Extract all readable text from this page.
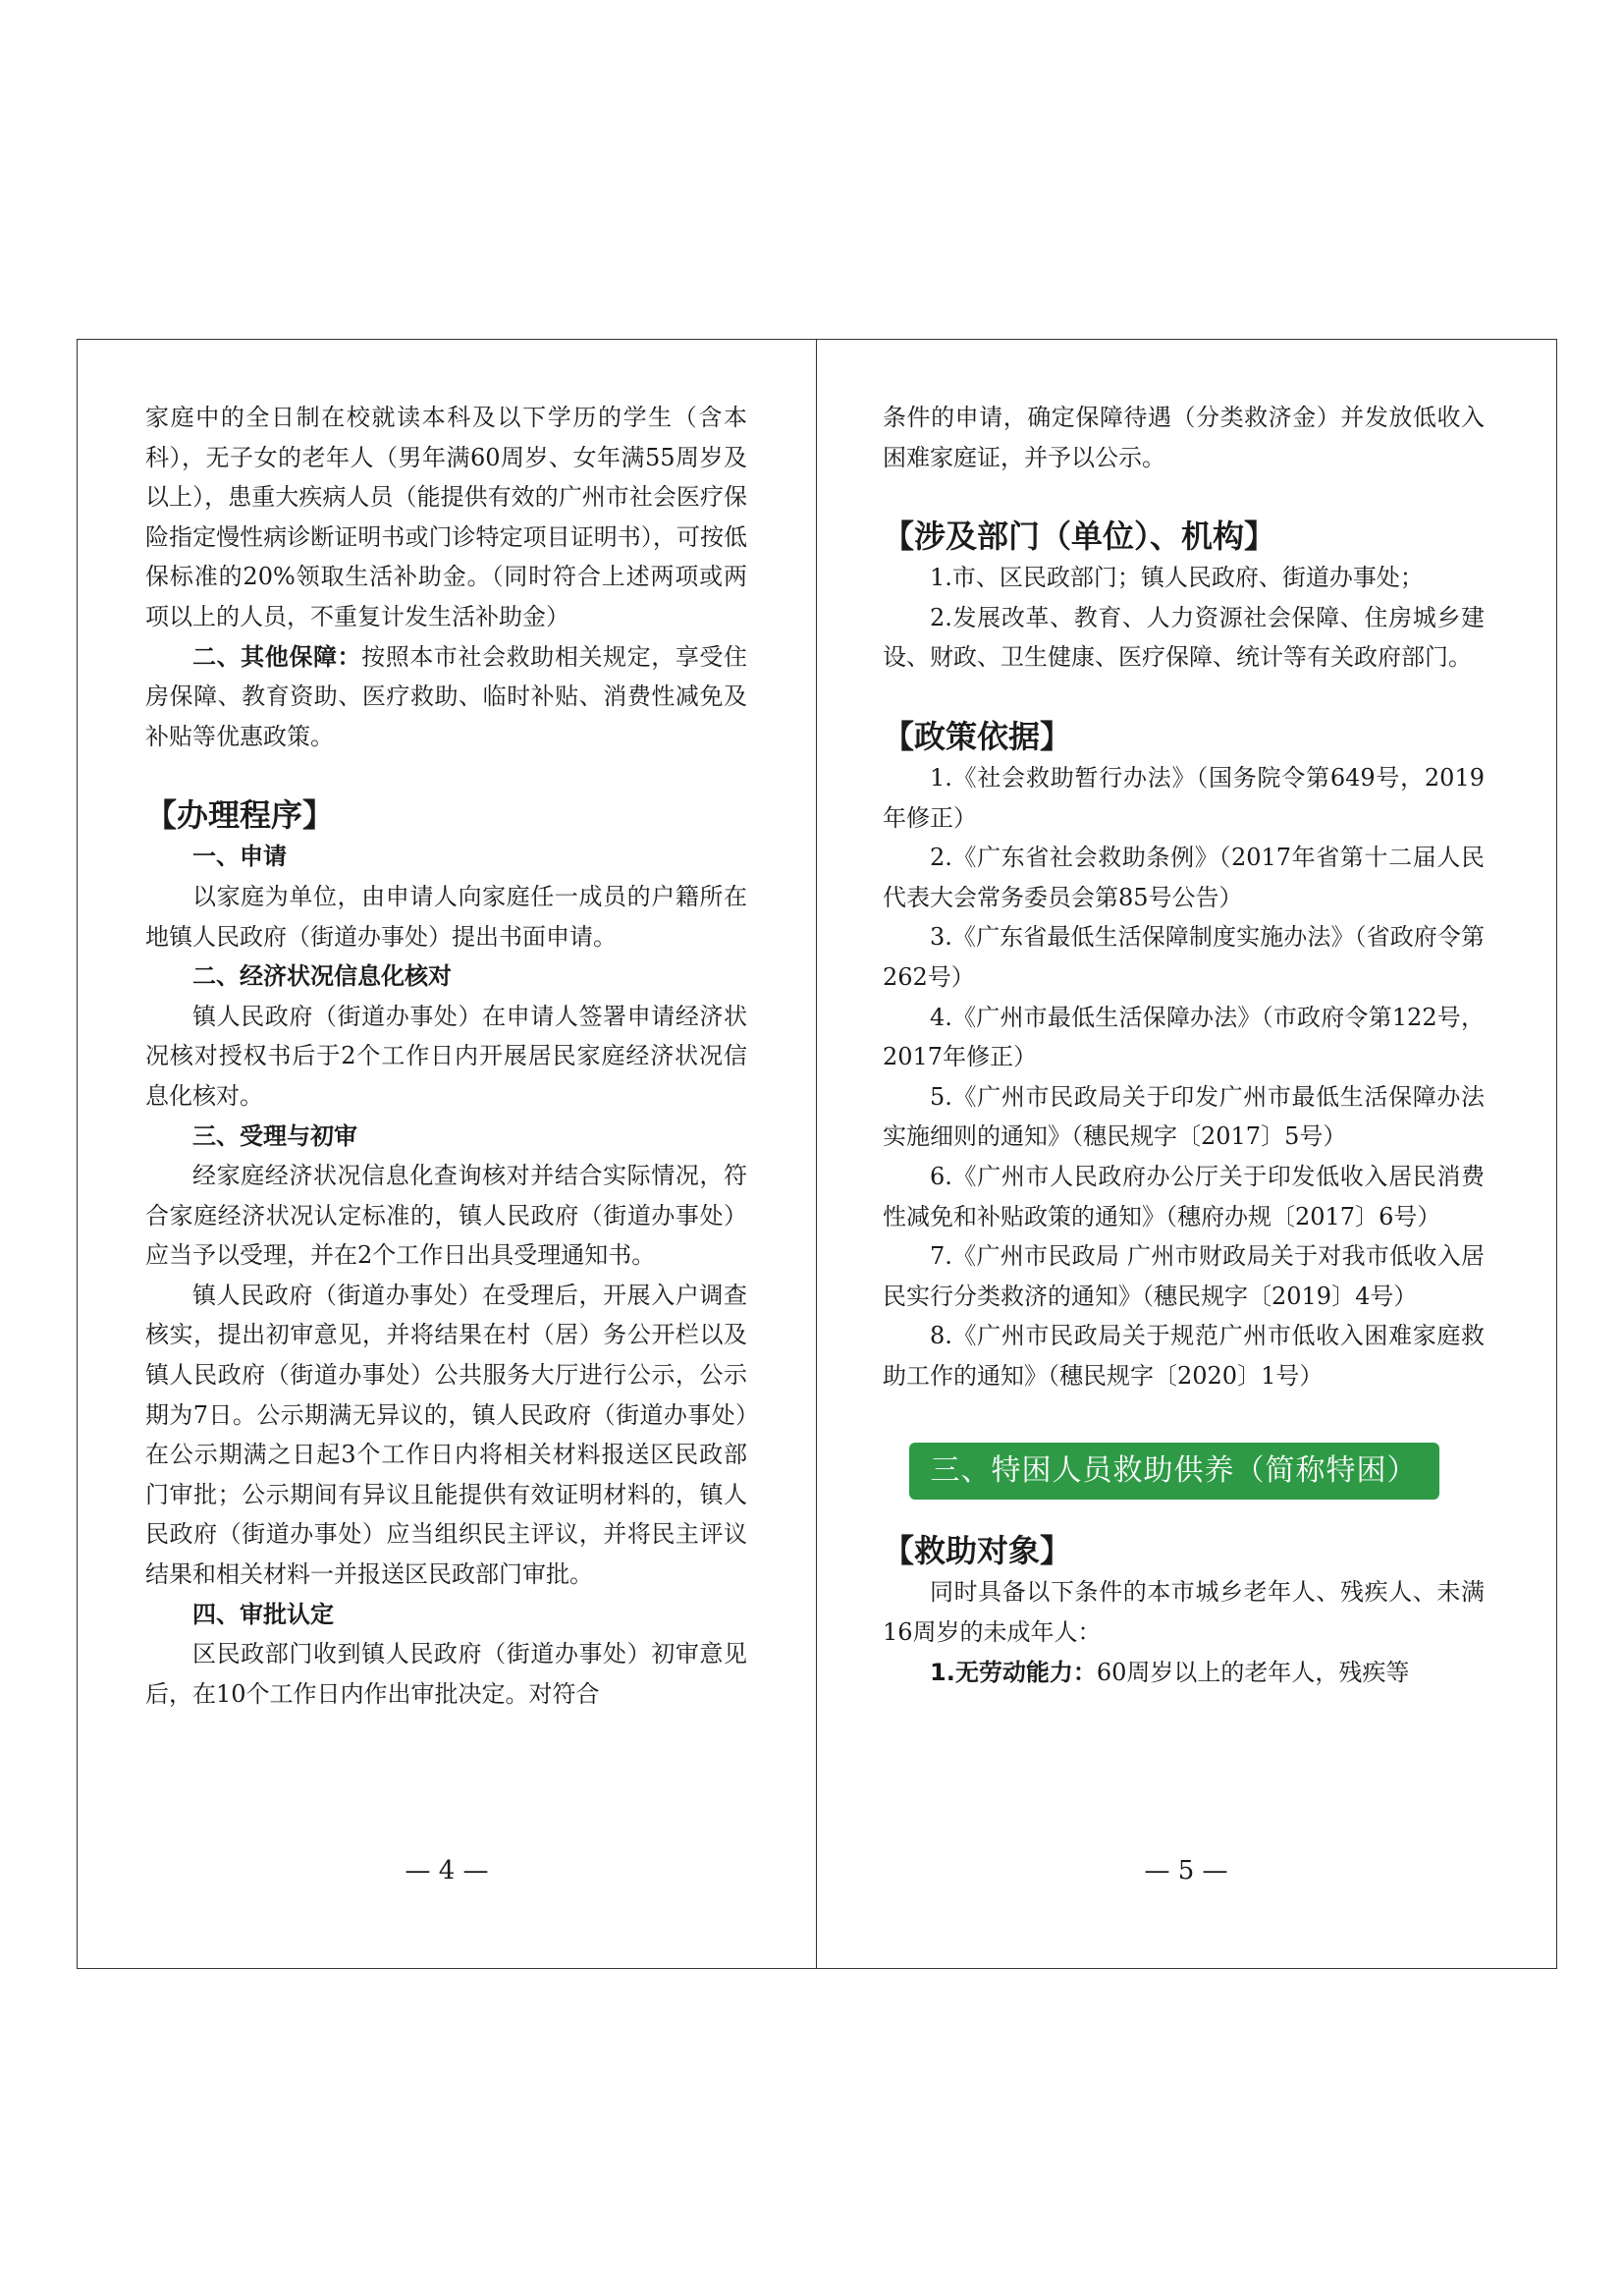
家庭中的全日制在校就读本科及以下学历的学生（含本科），无子女的老年人（男年满60周岁、女年满55周岁及以上），患重大疾病人员（能提供有效的广州市社会医疗保险指定慢性病诊断证明书或门诊特定项目证明书），可按低保标准的20%领取生活补助金。（同时符合上述两项或两项以上的人员，不重复计发生活补助金）

二、其他保障：按照本市社会救助相关规定，享受住房保障、教育资助、医疗救助、临时补贴、消费性减免及补贴等优惠政策。

【办理程序】

一、申请

以家庭为单位，由申请人向家庭任一成员的户籍所在地镇人民政府（街道办事处）提出书面申请。

二、经济状况信息化核对

镇人民政府（街道办事处）在申请人签署申请经济状况核对授权书后于2个工作日内开展居民家庭经济状况信息化核对。

三、受理与初审

经家庭经济状况信息化查询核对并结合实际情况，符合家庭经济状况认定标准的，镇人民政府（街道办事处）应当予以受理，并在2个工作日出具受理通知书。

镇人民政府（街道办事处）在受理后，开展入户调查核实，提出初审意见，并将结果在村（居）务公开栏以及镇人民政府（街道办事处）公共服务大厅进行公示，公示期为7日。公示期满无异议的，镇人民政府（街道办事处）在公示期满之日起3个工作日内将相关材料报送区民政部门审批；公示期间有异议且能提供有效证明材料的，镇人民政府（街道办事处）应当组织民主评议，并将民主评议结果和相关材料一并报送区民政部门审批。

四、审批认定

区民政部门收到镇人民政府（街道办事处）初审意见后，在10个工作日内作出审批决定。对符合

— 4 —

条件的申请，确定保障待遇（分类救济金）并发放低收入困难家庭证，并予以公示。

【涉及部门（单位）、机构】

1.市、区民政部门；镇人民政府、街道办事处；

2.发展改革、教育、人力资源社会保障、住房城乡建设、财政、卫生健康、医疗保障、统计等有关政府部门。

【政策依据】

1.《社会救助暂行办法》（国务院令第649号，2019年修正）

2.《广东省社会救助条例》（2017年省第十二届人民代表大会常务委员会第85号公告）

3.《广东省最低生活保障制度实施办法》（省政府令第262号）

4.《广州市最低生活保障办法》（市政府令第122号，2017年修正）

5.《广州市民政局关于印发广州市最低生活保障办法实施细则的通知》（穗民规字〔2017〕5号）

6.《广州市人民政府办公厅关于印发低收入居民消费性减免和补贴政策的通知》（穗府办规〔2017〕6号）

7.《广州市民政局 广州市财政局关于对我市低收入居民实行分类救济的通知》（穗民规字〔2019〕4号）

8.《广州市民政局关于规范广州市低收入困难家庭救助工作的通知》（穗民规字〔2020〕1号）

三、特困人员救助供养（简称特困）

【救助对象】

同时具备以下条件的本市城乡老年人、残疾人、未满16周岁的未成年人：

1.无劳动能力：60周岁以上的老年人，残疾等

— 5 —
